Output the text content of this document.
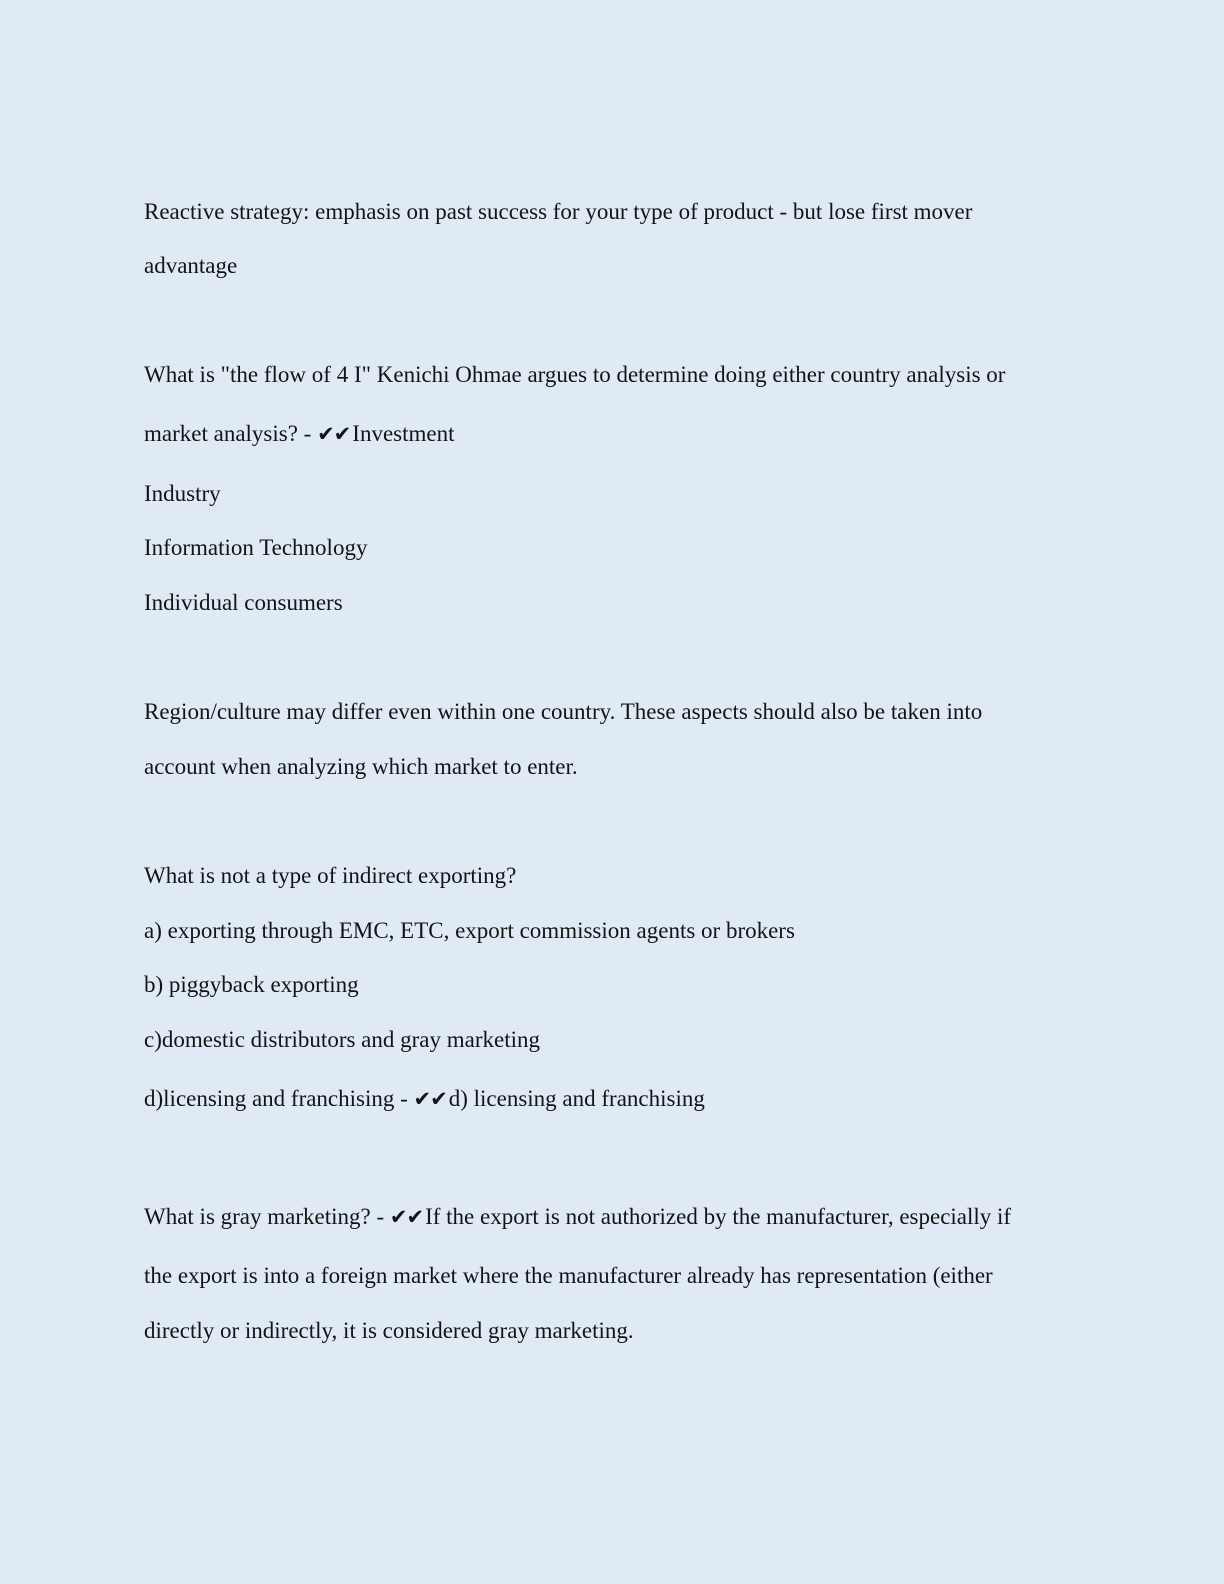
Reactive strategy: emphasis on past success for your type of product - but lose first mover
advantage
What is "the flow of 4 I" Kenichi Ohmae argues to determine doing either country analysis or
market analysis? - ✔✔Investment
Industry
Information Technology
Individual consumers
Region/culture may differ even within one country. These aspects should also be taken into
account when analyzing which market to enter.
What is not a type of indirect exporting?
a) exporting through EMC, ETC, export commission agents or brokers
b) piggyback exporting
c)domestic distributors and gray marketing
d)licensing and franchising - ✔✔d) licensing and franchising
What is gray marketing? - ✔✔If the export is not authorized by the manufacturer, especially if
the export is into a foreign market where the manufacturer already has representation (either
directly or indirectly, it is considered gray marketing.
